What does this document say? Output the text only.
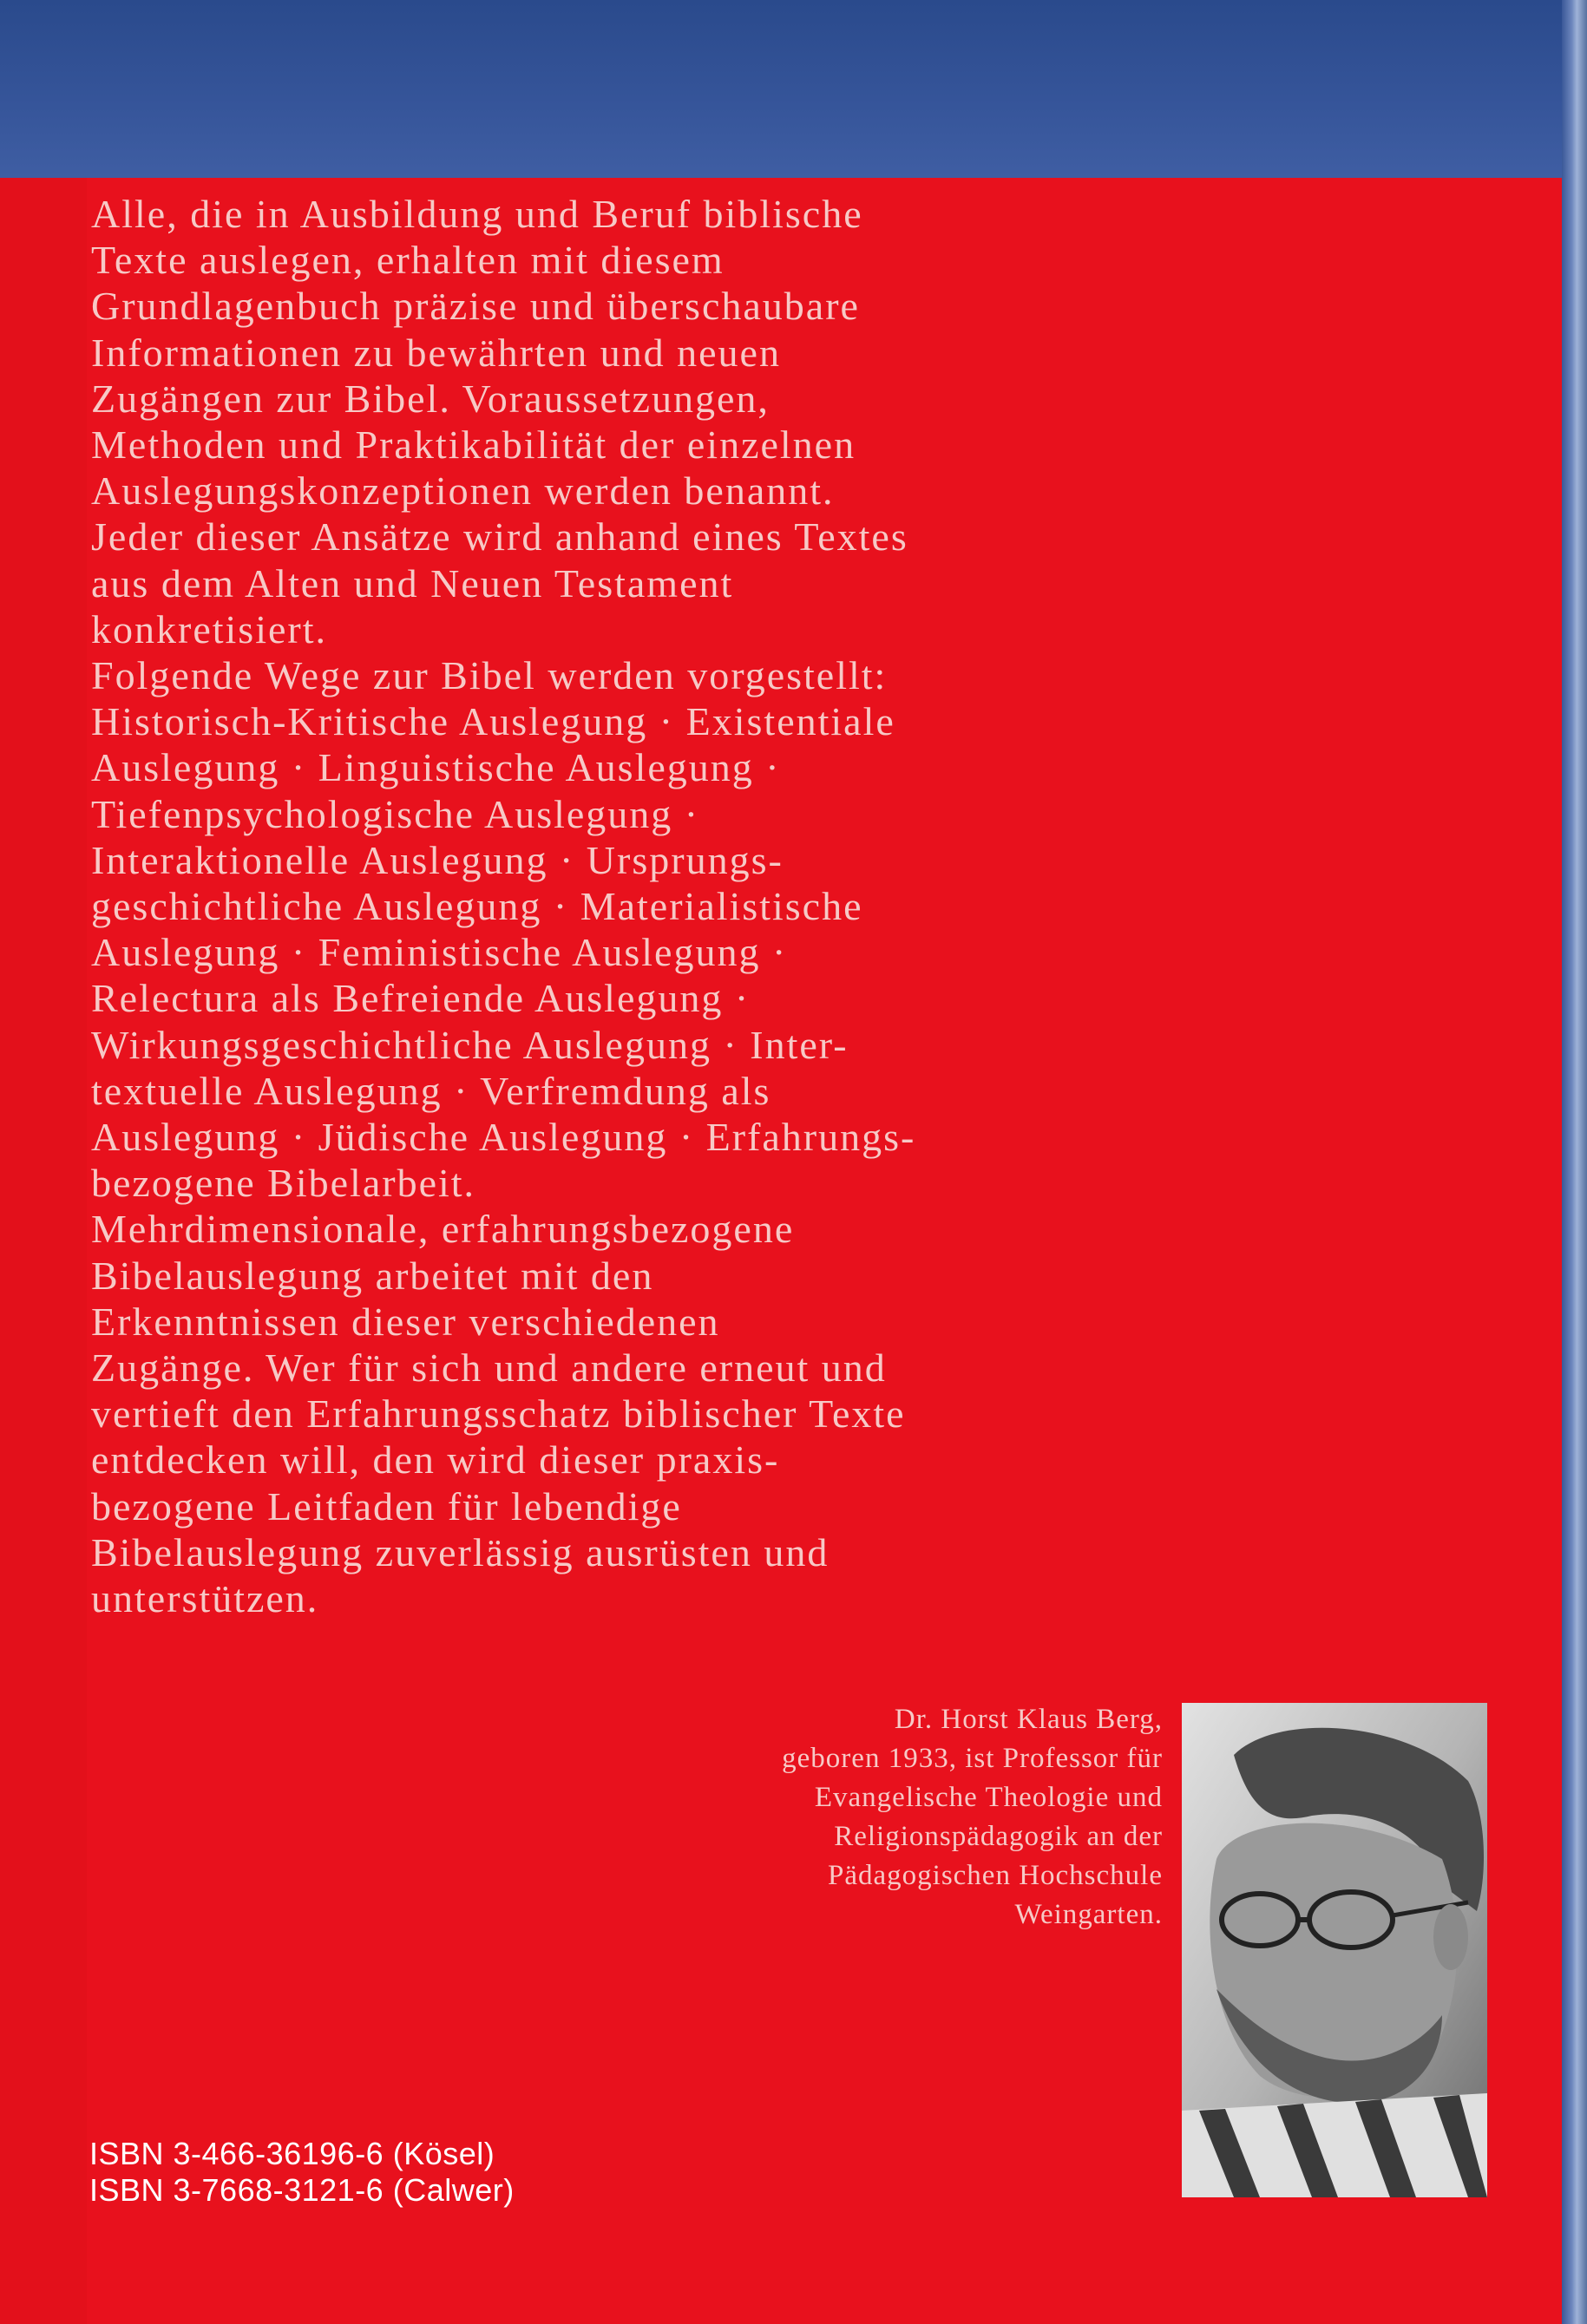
Alle, die in Ausbildung und Beruf biblische
Texte auslegen, erhalten mit diesem
Grundlagenbuch präzise und überschaubare
Informationen zu bewährten und neuen
Zugängen zur Bibel. Voraussetzungen,
Methoden und Praktikabilität der einzelnen
Auslegungskonzeptionen werden benannt.
Jeder dieser Ansätze wird anhand eines Textes
aus dem Alten und Neuen Testament
konkretisiert.

Folgende Wege zur Bibel werden vorgestellt:
Historisch-Kritische Auslegung · Existentiale
Auslegung · Linguistische Auslegung ·
Tiefenpsychologische Auslegung ·
Interaktionelle Auslegung · Ursprungs-
geschichtliche Auslegung · Materialistische
Auslegung · Feministische Auslegung ·
Relectura als Befreiende Auslegung ·
Wirkungsgeschichtliche Auslegung · Inter-
textuelle Auslegung · Verfremdung als
Auslegung · Jüdische Auslegung · Erfahrungs-
bezogene Bibelarbeit.

Mehrdimensionale, erfahrungsbezogene
Bibelauslegung arbeitet mit den
Erkenntnissen dieser verschiedenen
Zugänge. Wer für sich und andere erneut und
vertieft den Erfahrungsschatz biblischer Texte
entdecken will, den wird dieser praxis-
bezogene Leitfaden für lebendige
Bibelauslegung zuverlässig ausrüsten und
unterstützen.

Dr. Horst Klaus Berg,
geboren 1933, ist Professor für
Evangelische Theologie und
Religionspädagogik an der
Pädagogischen Hochschule
Weingarten.

ISBN 3-466-36196-6 (Kösel)
ISBN 3-7668-3121-6 (Calwer)
